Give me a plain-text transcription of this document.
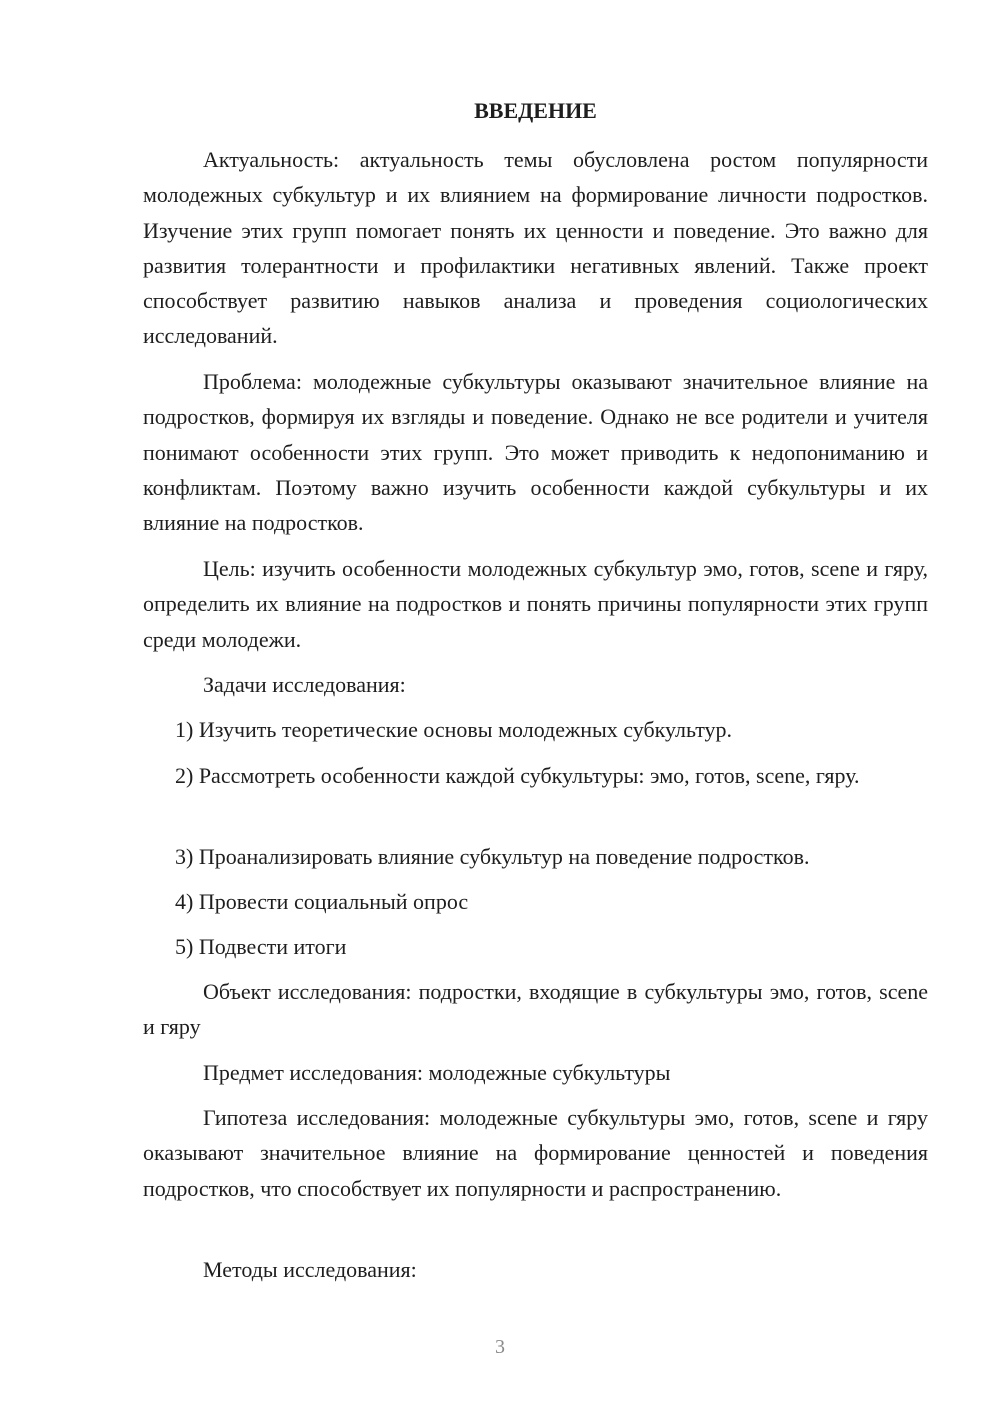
ВВЕДЕНИЕ

Актуальность: актуальность темы обусловлена ростом популярности молодежных субкультур и их влиянием на формирование личности подростков. Изучение этих групп помогает понять их ценности и поведение. Это важно для развития толерантности и профилактики негативных явлений. Также проект способствует развитию навыков анализа и проведения социологических исследований.

Проблема: молодежные субкультуры оказывают значительное влияние на подростков, формируя их взгляды и поведение. Однако не все родители и учителя понимают особенности этих групп. Это может приводить к недопониманию и конфликтам. Поэтому важно изучить особенности каждой субкультуры и их влияние на подростков.

Цель: изучить особенности молодежных субкультур эмо, готов, scene и гяру, определить их влияние на подростков и понять причины популярности этих групп среди молодежи.

Задачи исследования:

1) Изучить теоретические основы молодежных субкультур.

2) Рассмотреть особенности каждой субкультуры: эмо, готов, scene, гяру.

3) Проанализировать влияние субкультур на поведение подростков.

4) Провести социальный опрос

5) Подвести итоги

Объект исследования: подростки, входящие в субкультуры эмо, готов, scene и гяру

Предмет исследования: молодежные субкультуры

Гипотеза исследования: молодежные субкультуры эмо, готов, scene и гяру оказывают значительное влияние на формирование ценностей и поведения подростков, что способствует их популярности и распространению.

Методы исследования:

3
